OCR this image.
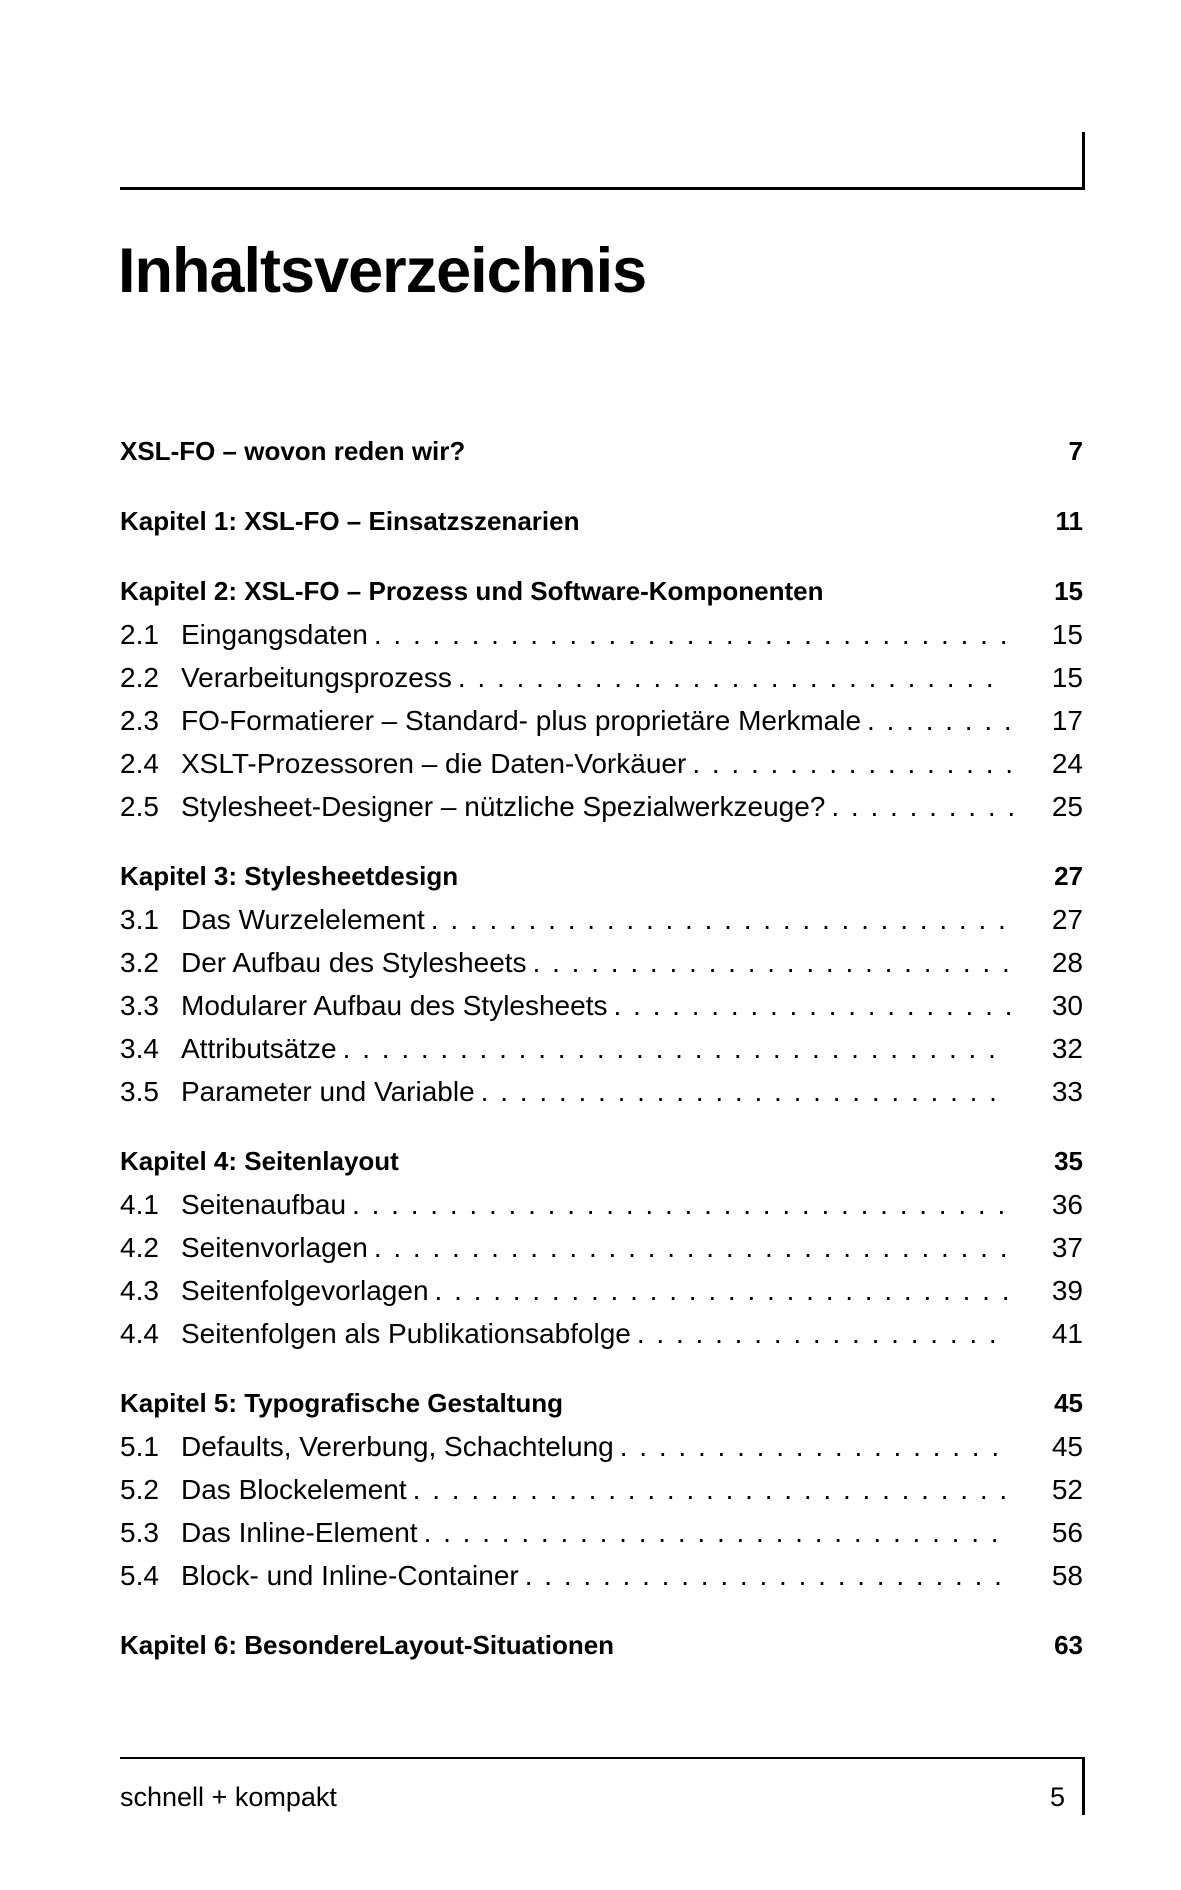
Inhaltsverzeichnis
XSL-FO – wovon reden wir?	7
Kapitel 1: XSL-FO – Einsatzszenarien	11
Kapitel 2: XSL-FO – Prozess und Software-Komponenten	15
2.1 Eingangsdaten . . .	15
2.2 Verarbeitungsprozess . . .	15
2.3 FO-Formatierer – Standard- plus proprietäre Merkmale . . .	17
2.4 XSLT-Prozessoren – die Daten-Vorkäuer . . .	24
2.5 Stylesheet-Designer – nützliche Spezialwerkzeuge? . . .	25
Kapitel 3: Stylesheetdesign	27
3.1 Das Wurzelelement . . .	27
3.2 Der Aufbau des Stylesheets . . .	28
3.3 Modularer Aufbau des Stylesheets . . .	30
3.4 Attributsätze . . .	32
3.5 Parameter und Variable . . .	33
Kapitel 4: Seitenlayout	35
4.1 Seitenaufbau . . .	36
4.2 Seitenvorlagen . . .	37
4.3 Seitenfolgevorlagen . . .	39
4.4 Seitenfolgen als Publikationsabfolge . . .	41
Kapitel 5: Typografische Gestaltung	45
5.1 Defaults, Vererbung, Schachtelung . . .	45
5.2 Das Blockelement . . .	52
5.3 Das Inline-Element . . .	56
5.4 Block- und Inline-Container . . .	58
Kapitel 6: BesondereLayout-Situationen	63
schnell + kompakt	5
